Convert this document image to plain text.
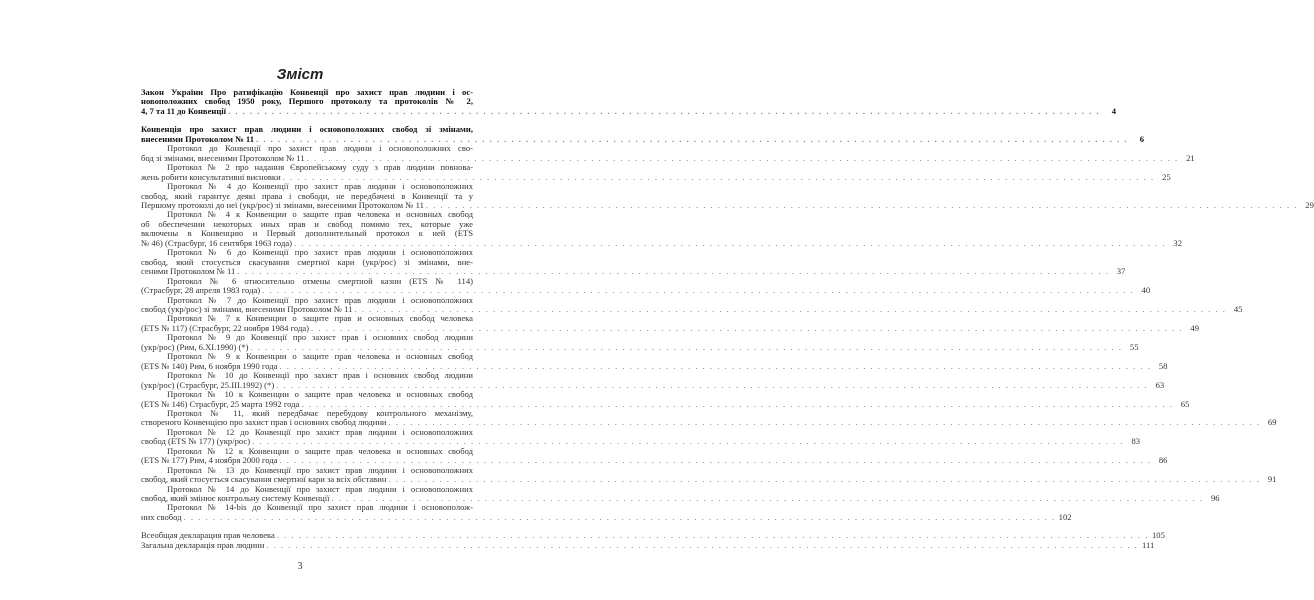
Зміст
Закон України Про ратифікацію Конвенції про захист прав людини і ос-
новоположних свобод 1950 року, Першого протоколу та протоколів № 2,
4, 7 та 11 до Конвенції . . . . . . . . . . . . . . . . . . . . . . . . . . . . . . . . . . . . . . . . . . . . . . . . . . . . . . . . . . . . . . . . . . . . . . . . . . . . . . . . . . . . . . . . . . . . . . . . . . . . . . . . . . . . . . . . . . . . . . . .	4
Конвенція про захист прав людини і основоположних свобод зі змінами,
внесеними Протоколом № 11 . . . . . . . . . . . . . . . . . . . . . . . . . . . . . . . . . . . . . . . . . . . . . . . . . . . . . . . . . . . . . . . . . . . . . . . . . . . . . . . . . . . . . . . . . . . . . . . . . . . . . . . . . . . . . . . . . . . . . . . .	6
Протокол до Конвенції про захист прав людини і основоположних сво-
бод зі змінами, внесеними Протоколом № 11 . . . . . . . . . . . . . . . . . . . . . . . . . . . . . . . . . . . . . . . . . . . . . . . . . . . . . . . . . . . . . . . . . . . . . . . . . . . . . . . . . . . . . . . . . . . . . . . . . . . . . . . . . . . . . . . . . . . . . . . . 21
Протокол № 2 про надання Європейському суду з прав людини повнова-
жень робити консультативні висновки . . . . . . . . . . . . . . . . . . . . . . . . . . . . . . . . . . . . . . . . . . . . . . . . . . . . . . . . . . . . . . . . . . . . . . . . . . . . . . . . . . . . . . . . . . . . . . . . . . . . . . . . . . . . . . . . . . . . . . . . 25
Протокол № 4 до Конвенції про захист прав людини і основоположних
свобод, який гарантує деякі права і свободи, не передбачені в Конвенції та у
Першому протоколі до неї (укр/рос) зі змінами, внесеними Протоколом № 11 . . . . . . . . . . . . . . . . . . . . . . . . . . . . . . . . . . . . . . . . . . . . . . . . . . . . . . . . . . . . . . . . . . . . . . . . . . . . . . . . . . . . . . . . . . . . . . . . . . . . . . . . . . . . . . . . . . . . . . . . 29
Протокол № 4 к Конвенции о защите прав человека и основных свобод
об обеспечении некоторых иных прав и свобод помимо тех, которые уже
включены в Конвенцию и Первый дополнительный протокол к ней (ETS
№ 46) (Страсбург, 16 сентября 1963 года) . . . . . . . . . . . . . . . . . . . . . . . . . . . . . . . . . . . . . . . . . . . . . . . . . . . . . . . . . . . . . . . . . . . . . . . . . . . . . . . . . . . . . . . . . . . . . . . . . . . . . . . . . . . . . . . . . . . . . . . . 32
Протокол № 6 до Конвенції про захист прав людини і основоположних
свобод, який стосується скасування смертної кари (укр/рос) зі змінами, вне-
сеними Протоколом № 11 . . . . . . . . . . . . . . . . . . . . . . . . . . . . . . . . . . . . . . . . . . . . . . . . . . . . . . . . . . . . . . . . . . . . . . . . . . . . . . . . . . . . . . . . . . . . . . . . . . . . . . . . . . . . . . . . . . . . . . . . 37
Протокол № 6 относительно отмены смертной казни (ETS № 114)
(Страсбург, 28 апреля 1983 года) . . . . . . . . . . . . . . . . . . . . . . . . . . . . . . . . . . . . . . . . . . . . . . . . . . . . . . . . . . . . . . . . . . . . . . . . . . . . . . . . . . . . . . . . . . . . . . . . . . . . . . . . . . . . . . . . . . . . . . . . 40
Протокол № 7 до Конвенції про захист прав людини і основоположних
свобод (укр/рос) зі змінами, внесеними Протоколом № 11 . . . . . . . . . . . . . . . . . . . . . . . . . . . . . . . . . . . . . . . . . . . . . . . . . . . . . . . . . . . . . . . . . . . . . . . . . . . . . . . . . . . . . . . . . . . . . . . . . . . . . . . . . . . . . . . . . . . . . . . . 45
Протокол № 7 к Конвенции о защите прав и основных свобод человека
(ETS № 117) (Страсбург, 22 ноября 1984 года) . . . . . . . . . . . . . . . . . . . . . . . . . . . . . . . . . . . . . . . . . . . . . . . . . . . . . . . . . . . . . . . . . . . . . . . . . . . . . . . . . . . . . . . . . . . . . . . . . . . . . . . . . . . . . . . . . . . . . . . . 49
Протокол № 9 до Конвенції про захист прав і основних свобод людини
(укр/рос) (Рим, 6.XI.1990) (*) . . . . . . . . . . . . . . . . . . . . . . . . . . . . . . . . . . . . . . . . . . . . . . . . . . . . . . . . . . . . . . . . . . . . . . . . . . . . . . . . . . . . . . . . . . . . . . . . . . . . . . . . . . . . . . . . . . . . . . . . 55
Протокол № 9 к Конвенции о защите прав человека и основных свобод
(ETS № 140) Рим, 6 ноября 1990 года . . . . . . . . . . . . . . . . . . . . . . . . . . . . . . . . . . . . . . . . . . . . . . . . . . . . . . . . . . . . . . . . . . . . . . . . . . . . . . . . . . . . . . . . . . . . . . . . . . . . . . . . . . . . . . . . . . . . . . . . 58
Протокол № 10 до Конвенції про захист прав і основних свобод людини
(укр/рос) (Страсбург, 25.III.1992) (*) . . . . . . . . . . . . . . . . . . . . . . . . . . . . . . . . . . . . . . . . . . . . . . . . . . . . . . . . . . . . . . . . . . . . . . . . . . . . . . . . . . . . . . . . . . . . . . . . . . . . . . . . . . . . . . . . . . . . . . . . 63
Протокол № 10 к Конвенции о защите прав человека и основных свобод
(ETS № 146) Страсбург, 25 марта 1992 года . . . . . . . . . . . . . . . . . . . . . . . . . . . . . . . . . . . . . . . . . . . . . . . . . . . . . . . . . . . . . . . . . . . . . . . . . . . . . . . . . . . . . . . . . . . . . . . . . . . . . . . . . . . . . . . . . . . . . . . . 65
Протокол № 11, який передбачає перебудову контрольного механізму,
створеного Конвенцією про захист прав і основних свобод людини . . . . . . . . . . . . . . . . . . . . . . . . . . . . . . . . . . . . . . . . . . . . . . . . . . . . . . . . . . . . . . . . . . . . . . . . . . . . . . . . . . . . . . . . . . . . . . . . . . . . . . . . . . . . . . . . . . . . . . . . 69
Протокол № 12 до Конвенції про захист прав людини і основоположних
свобод (ETS № 177) (укр/рос) . . . . . . . . . . . . . . . . . . . . . . . . . . . . . . . . . . . . . . . . . . . . . . . . . . . . . . . . . . . . . . . . . . . . . . . . . . . . . . . . . . . . . . . . . . . . . . . . . . . . . . . . . . . . . . . . . . . . . . . . 83
Протокол № 12 к Конвенции о защите прав человека и основных свобод
(ETS № 177) Рим, 4 ноября 2000 года . . . . . . . . . . . . . . . . . . . . . . . . . . . . . . . . . . . . . . . . . . . . . . . . . . . . . . . . . . . . . . . . . . . . . . . . . . . . . . . . . . . . . . . . . . . . . . . . . . . . . . . . . . . . . . . . . . . . . . . . 86
Протокол № 13 до Конвенції про захист прав людини і основоположних
свобод, який стосується скасування смертної кари за всіх обставин . . . . . . . . . . . . . . . . . . . . . . . . . . . . . . . . . . . . . . . . . . . . . . . . . . . . . . . . . . . . . . . . . . . . . . . . . . . . . . . . . . . . . . . . . . . . . . . . . . . . . . . . . . . . . . . . . . . . . . . . 91
Протокол № 14 до Конвенції про захист прав людини і основоположних
свобод, який змінює контрольну систему Конвенції . . . . . . . . . . . . . . . . . . . . . . . . . . . . . . . . . . . . . . . . . . . . . . . . . . . . . . . . . . . . . . . . . . . . . . . . . . . . . . . . . . . . . . . . . . . . . . . . . . . . . . . . . . . . . . . . . . . . . . . . 96
Протокол № 14-bis до Конвенції про захист прав людини і основополож-
них свобод . . . . . . . . . . . . . . . . . . . . . . . . . . . . . . . . . . . . . . . . . . . . . . . . . . . . . . . . . . . . . . . . . . . . . . . . . . . . . . . . . . . . . . . . . . . . . . . . . . . . . . . . . . . . . . . . . . . . . . . . 102
Всеобщая декларация прав человека . . . . . . . . . . . . . . . . . . . . . . . . . . . . . . . . . . . . . . . . . . . . . . . . . . . . . . . . . . . . . . . . . . . . . . . . . . . . . . . . . . . . . . . . . . . . . . . . . . . . . . . . . . . . . . . . . . . . . . . . 105
Загальна декларація прав людини . . . . . . . . . . . . . . . . . . . . . . . . . . . . . . . . . . . . . . . . . . . . . . . . . . . . . . . . . . . . . . . . . . . . . . . . . . . . . . . . . . . . . . . . . . . . . . . . . . . . . . . . . . . . . . . . . . . . . . . . 111
3
